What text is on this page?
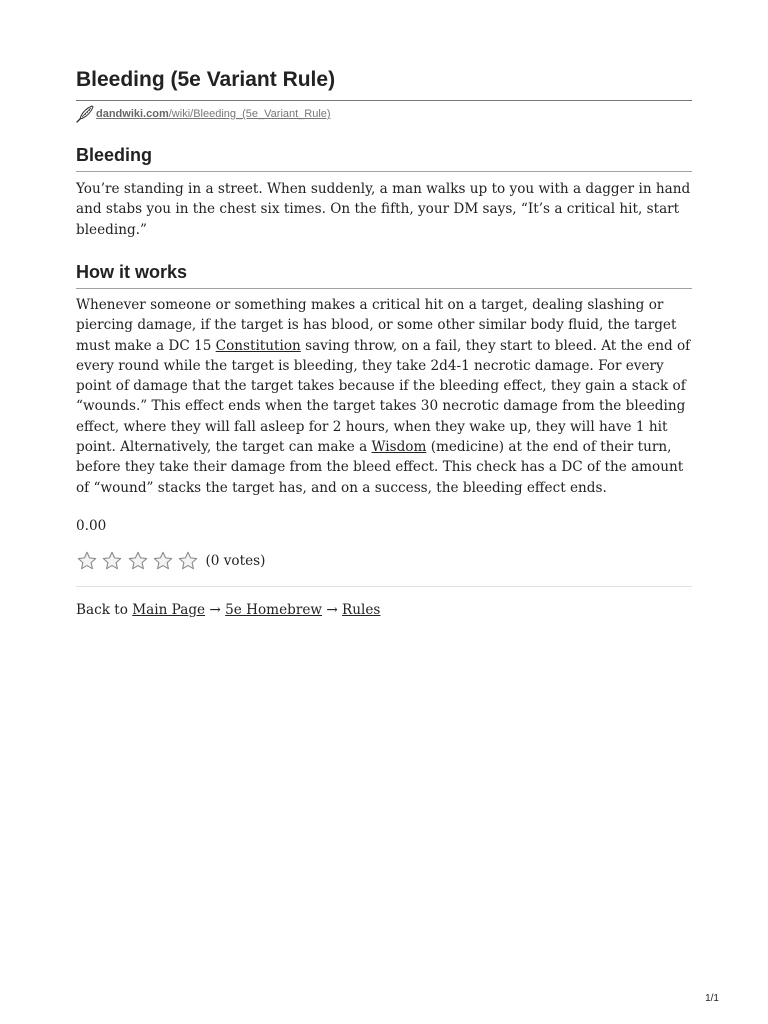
Bleeding (5e Variant Rule)
dandwiki.com/wiki/Bleeding_(5e_Variant_Rule)
Bleeding

You’re standing in a street. When suddenly, a man walks up to you with a dagger in hand and stabs you in the chest six times. On the fifth, your DM says, “It’s a critical hit, start bleeding.”

How it works

Whenever someone or something makes a critical hit on a target, dealing slashing or piercing damage, if the target is has blood, or some other similar body fluid, the target must make a DC 15 Constitution saving throw, on a fail, they start to bleed. At the end of every round while the target is bleeding, they take 2d4-1 necrotic damage. For every point of damage that the target takes because if the bleeding effect, they gain a stack of “wounds.” This effect ends when the target takes 30 necrotic damage from the bleeding effect, where they will fall asleep for 2 hours, when they wake up, they will have 1 hit point. Alternatively, the target can make a Wisdom (medicine) at the end of their turn, before they take their damage from the bleed effect. This check has a DC of the amount of “wound” stacks the target has, and on a success, the bleeding effect ends.

0.00
(0 votes)
Back to Main Page → 5e Homebrew → Rules
1/1
